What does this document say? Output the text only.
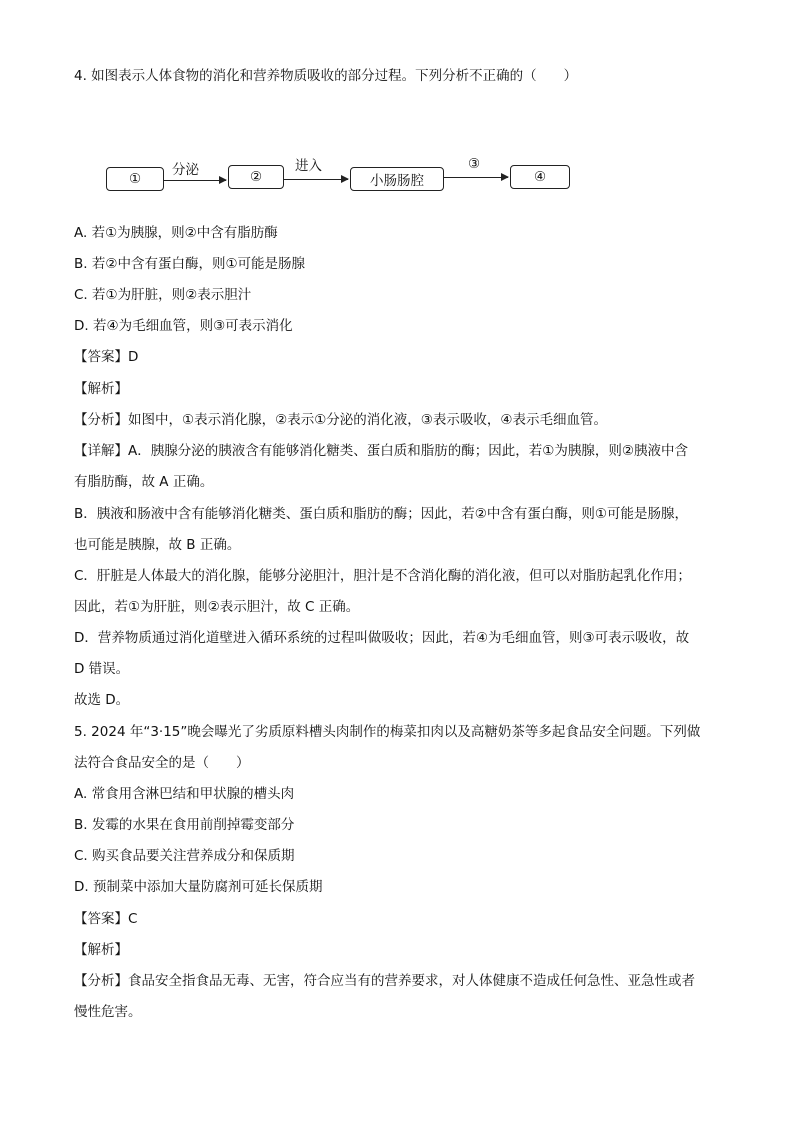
4. 如图表示人体食物的消化和营养物质吸收的部分过程。下列分析不正确的（　　）
①
分泌	②
进入
小肠肠腔
③
④
A. 若①为胰腺，则②中含有脂肪酶
B. 若②中含有蛋白酶，则①可能是肠腺
C. 若①为肝脏，则②表示胆汁
D. 若④为毛细血管，则③可表示消化
【答案】D
【解析】
【分析】如图中，①表示消化腺，②表示①分泌的消化液，③表示吸收，④表示毛细血管。
【详解】A．胰腺分泌的胰液含有能够消化糖类、蛋白质和脂肪的酶；因此，若①为胰腺，则②胰液中含
有脂肪酶，故 A 正确。
B．胰液和肠液中含有能够消化糖类、蛋白质和脂肪的酶；因此，若②中含有蛋白酶，则①可能是肠腺，
也可能是胰腺，故 B 正确。
C．肝脏是人体最大的消化腺，能够分泌胆汁，胆汁是不含消化酶的消化液，但可以对脂肪起乳化作用；
因此，若①为肝脏，则②表示胆汁，故 C 正确。
D．营养物质通过消化道壁进入循环系统的过程叫做吸收；因此，若④为毛细血管，则③可表示吸收，故
D 错误。
故选 D。
5. 2024 年“3·15”晚会曝光了劣质原料槽头肉制作的梅菜扣肉以及高糖奶茶等多起食品安全问题。下列做
法符合食品安全的是（　　）
A. 常食用含淋巴结和甲状腺的槽头肉
B. 发霉的水果在食用前削掉霉变部分
C. 购买食品要关注营养成分和保质期
D. 预制菜中添加大量防腐剂可延长保质期
【答案】C
【解析】
【分析】食品安全指食品无毒、无害，符合应当有的营养要求，对人体健康不造成任何急性、亚急性或者
慢性危害。
